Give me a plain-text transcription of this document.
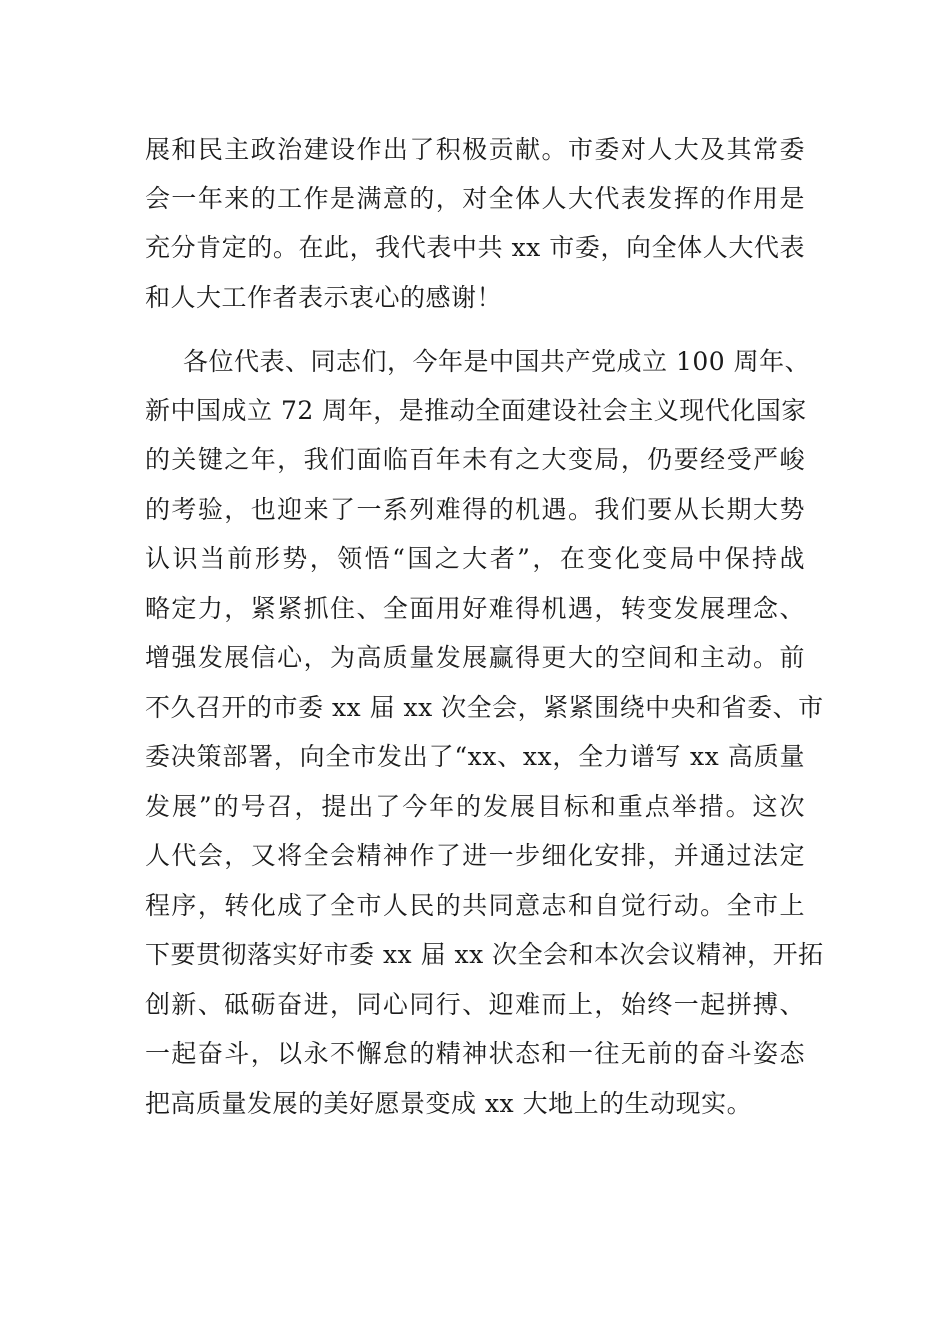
展和民主政治建设作出了积极贡献。市委对人大及其常委
会一年来的工作是满意的，对全体人大代表发挥的作用是
充分肯定的。在此，我代表中共 xx 市委，向全体人大代表
和人大工作者表示衷心的感谢！
各位代表、同志们，今年是中国共产党成立 100 周年、
新中国成立 72 周年，是推动全面建设社会主义现代化国家
的关键之年，我们面临百年未有之大变局，仍要经受严峻
的考验，也迎来了一系列难得的机遇。我们要从长期大势
认识当前形势，领悟“国之大者”，在变化变局中保持战
略定力，紧紧抓住、全面用好难得机遇，转变发展理念、
增强发展信心，为高质量发展赢得更大的空间和主动。前
不久召开的市委 xx 届 xx 次全会，紧紧围绕中央和省委、市
委决策部署，向全市发出了“xx、xx，全力谱写 xx 高质量
发展”的号召，提出了今年的发展目标和重点举措。这次
人代会，又将全会精神作了进一步细化安排，并通过法定
程序，转化成了全市人民的共同意志和自觉行动。全市上
下要贯彻落实好市委 xx 届 xx 次全会和本次会议精神，开拓
创新、砥砺奋进，同心同行、迎难而上，始终一起拼搏、
一起奋斗，以永不懈怠的精神状态和一往无前的奋斗姿态
把高质量发展的美好愿景变成 xx 大地上的生动现实。
